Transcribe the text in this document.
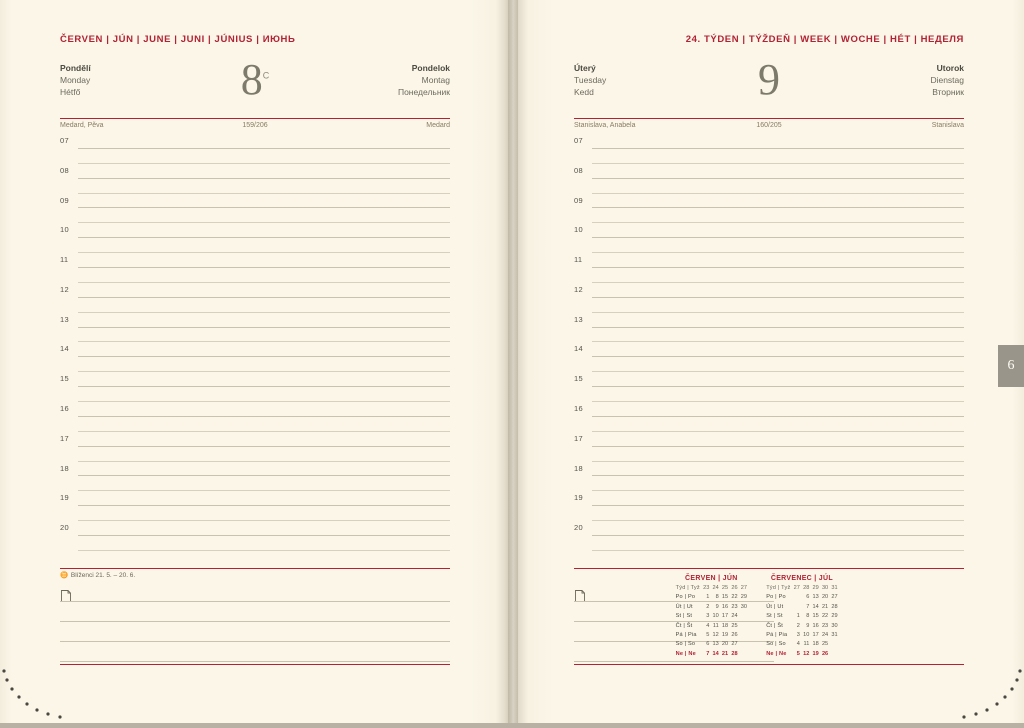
ČERVEN | JÚN | JUNE | JUNI | JÚNIUS | ИЮНЬ
Pondělí
Monday
Hétfő
Pondelok
Montag
Понедельник
$8^C$
Medard, Pěva	159/206	Medard
07
08
09
10
11
12
13
14
15
16
17
18
19
20
♊ Blíženci 21. 5. – 20. 6.
24. TÝDEN | TÝŽDEŇ | WEEK | WOCHE | HÉT | НЕДЕЛЯ
Úterý
Tuesday
Kedd
Utorok
Dienstag
Вторник
9
Stanislava, Anabela	160/205	Stanislava
07
08
09
10
11
12
13
14
15
16
17
18
19
20
ČERVEN | JÚN
Týd | Tyž	23	24	25	26	27
Po | Po	1	8	15	22	29
Út | Ut	2	9	16	23	30
St | St	3	10	17	24	
Čt | Št	4	11	18	25	
Pá | Pia	5	12	19	26	
So | So	6	13	20	27	
Ne | Ne	7	14	21	28	
ČERVENEC | JÚL
Týd | Tyž	27	28	29	30	31
Po | Po		6	13	20	27
Út | Ut		7	14	21	28
St | St	1	8	15	22	29
Čt | Št	2	9	16	23	30
Pá | Pia	3	10	17	24	31
So | So	4	11	18	25	
Ne | Ne	5	12	19	26	
6
